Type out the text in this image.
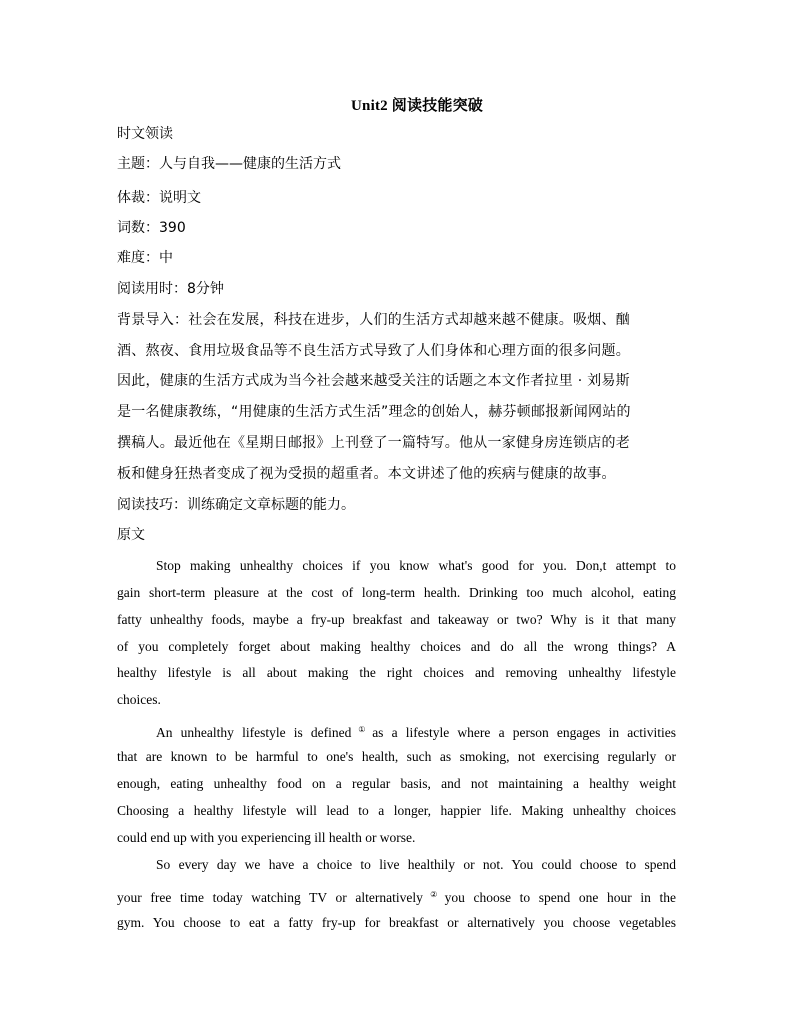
Unit2 阅读技能突破
时文领读
主题：人与自我——健康的生活方式
体裁：说明文
词数：390
难度：中
阅读用时：8分钟
背景导入：社会在发展，科技在进步，人们的生活方式却越来越不健康。吸烟、酗
酒、熬夜、食用垃圾食品等不良生活方式导致了人们身体和心理方面的很多问题。
因此，健康的生活方式成为当今社会越来越受关注的话题之本文作者拉里 · 刘易斯
是一名健康教练，“用健康的生活方式生活”理念的创始人，赫芬顿邮报新闻网站的
撰稿人。最近他在《星期日邮报》上刊登了一篇特写。他从一家健身房连锁店的老
板和健身狂热者变成了视为受损的超重者。本文讲述了他的疾病与健康的故事。
阅读技巧：训练确定文章标题的能力。
原文
Stop making unhealthy choices if you know what's good for you. Don,t attempt to
gain short-term pleasure at the cost of long-term health. Drinking too much alcohol, eating
fatty unhealthy foods, maybe a fry-up breakfast and takeaway or two? Why is it that many
of you completely forget about making healthy choices and do all the wrong things? A
healthy lifestyle is all about making the right choices and removing unhealthy lifestyle
choices.
An unhealthy lifestyle is defined ① as a lifestyle where a person engages in activities
that are known to be harmful to one's health, such as smoking, not exercising regularly or
enough, eating unhealthy food on a regular basis, and not maintaining a healthy weight
Choosing a healthy lifestyle will lead to a longer, happier life. Making unhealthy choices
could end up with you experiencing ill health or worse.
So every day we have a choice to live healthily or not. You could choose to spend
your free time today watching TV or alternatively ② you choose to spend one hour in the
gym. You choose to eat a fatty fry-up for breakfast or alternatively you choose vegetables
